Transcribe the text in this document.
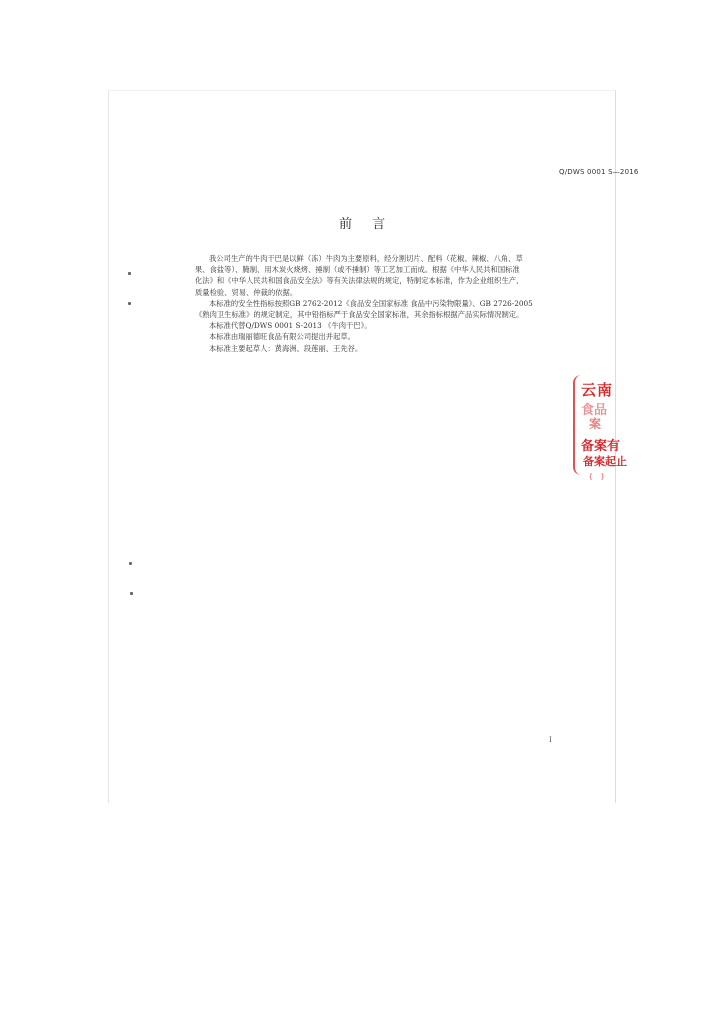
Q/DWS 0001 S—2016
前 言

我公司生产的牛肉干巴是以鲜（冻）牛肉为主要原料，经分割切片、配料（花椒、辣椒、八角、草
果、食盐等）、腌制、用木炭火烧烤、捶制（或不捶制）等工艺加工而成。根据《中华人民共和国标准
化法》和《中华人民共和国食品安全法》等有关法律法规的规定，特制定本标准，作为企业组织生产、
质量检验、贸易、仲裁的依据。

本标准的安全性指标按照GB 2762-2012《食品安全国家标准 食品中污染物限量》、GB 2726-2005
《熟肉卫生标准》的规定制定，其中铅指标严于食品安全国家标准，其余指标根据产品实际情况制定。

本标准代替Q/DWS 0001 S-2013 《牛肉干巴》。

本标准由瑞丽德旺食品有限公司提出并起草。

本标准主要起草人：黄海洲、段莲丽、王先谷。

云南
食品
案
备案有
备案起止
(　)
I
